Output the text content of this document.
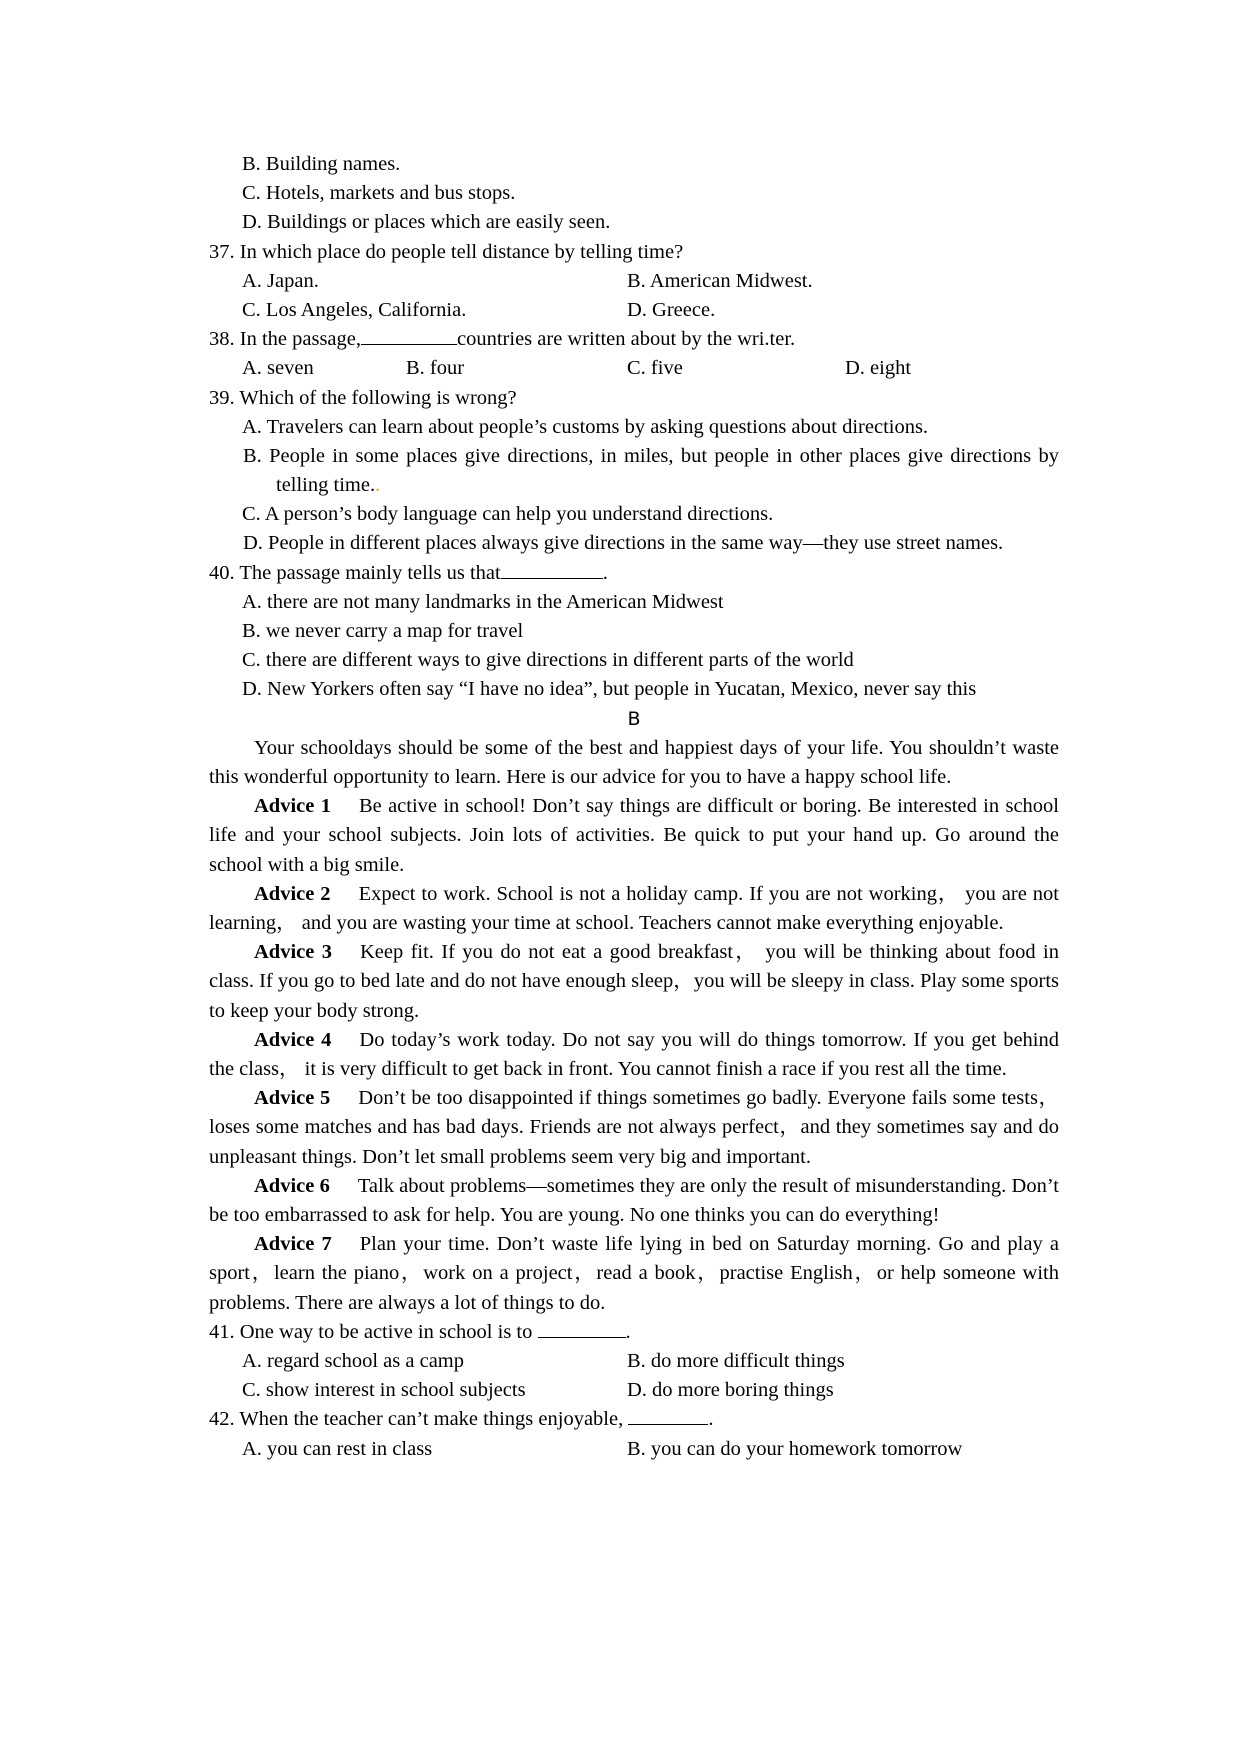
B. Building names.
C. Hotels, markets and bus stops.
D. Buildings or places which are easily seen.
37. In which place do people tell distance by telling time?
A. Japan.	B. American Midwest.
C. Los Angeles, California.	D. Greece.
38. In the passage,	countries are written about by the wri.ter.
A. seven	B. four	C. five	D. eight
39. Which of the following is wrong?
A. Travelers can learn about people’s customs by asking questions about directions.
B. People in some places give directions, in miles, but people in other places give directions by telling time..
C. A person’s body language can help you understand directions.
D. People in different places always give directions in the same way—they use street names.
40. The passage mainly tells us that	.
A. there are not many landmarks in the American Midwest
B. we never carry a map for travel
C. there are different ways to give directions in different parts of the world
D. New Yorkers often say “I have no idea”, but people in Yucatan, Mexico, never say this
B
Your schooldays should be some of the best and happiest days of your life. You shouldn’t waste this wonderful opportunity to learn. Here is our advice for you to have a happy school life.
Advice 1 Be active in school! Don’t say things are difficult or boring. Be interested in school life and your school subjects. Join lots of activities. Be quick to put your hand up. Go around the school with a big smile.
Advice 2 Expect to work. School is not a holiday camp. If you are not working， you are not learning， and you are wasting your time at school. Teachers cannot make everything enjoyable.
Advice 3 Keep fit. If you do not eat a good breakfast， you will be thinking about food in class. If you go to bed late and do not have enough sleep，you will be sleepy in class. Play some sports to keep your body strong.
Advice 4 Do today’s work today. Do not say you will do things tomorrow. If you get behind the class， it is very difficult to get back in front. You cannot finish a race if you rest all the time.
Advice 5 Don’t be too disappointed if things sometimes go badly. Everyone fails some tests，loses some matches and has bad days. Friends are not always perfect，and they sometimes say and do unpleasant things. Don’t let small problems seem very big and important.
Advice 6 Talk about problems—sometimes they are only the result of misunderstanding. Don’t be too embarrassed to ask for help. You are young. No one thinks you can do everything!
Advice 7 Plan your time. Don’t waste life lying in bed on Saturday morning. Go and play a sport，learn the piano，work on a project，read a book，practise English，or help someone with problems. There are always a lot of things to do.
41. One way to be active in school is to	.
A. regard school as a camp	B. do more difficult things
C. show interest in school subjects	D. do more boring things
42. When the teacher can’t make things enjoyable,	.
A. you can rest in class	B. you can do your homework tomorrow
